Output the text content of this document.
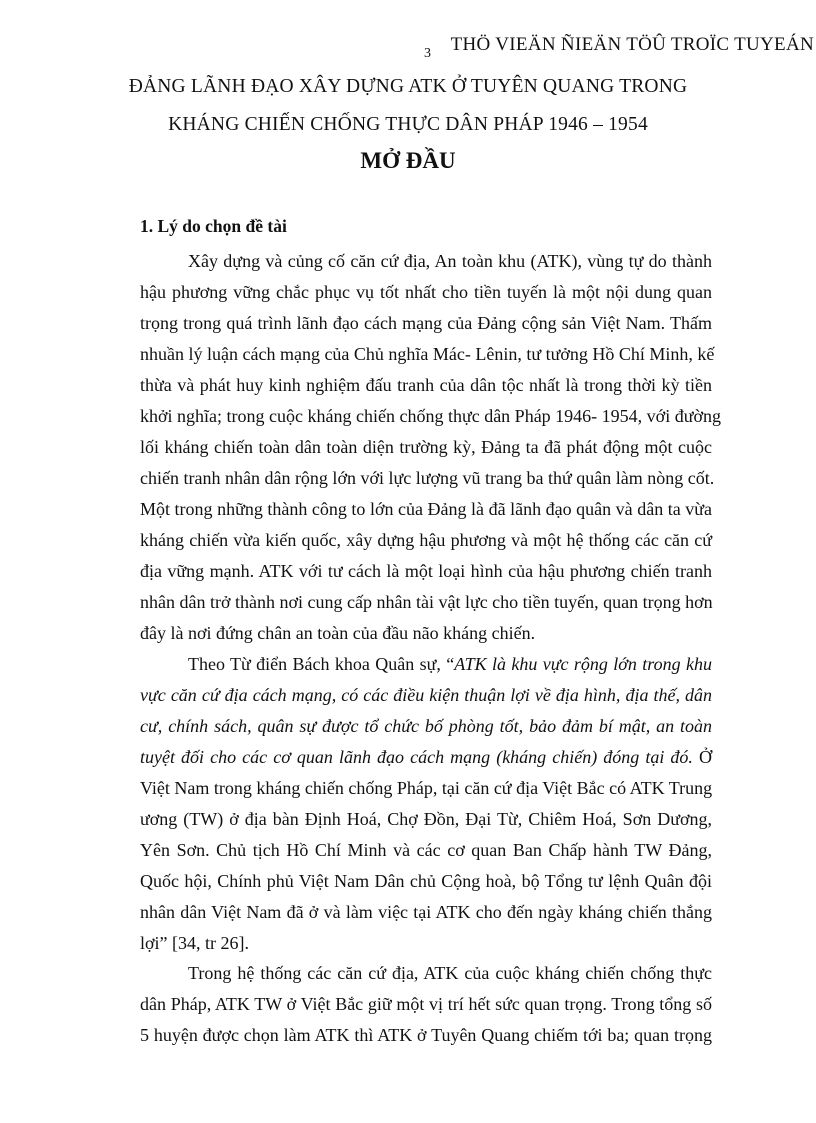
3 THÖ VIEÄN ÑIEÄN TÖÛ TROÏC TUYEÁN
ĐẢNG LÃNH ĐẠO XÂY DỰNG ATK Ở TUYÊN QUANG TRONG
KHÁNG CHIẾN CHỐNG THỰC DÂN PHÁP 1946 – 1954
MỞ ĐẦU
1. Lý do chọn đề tài
Xây dựng và củng cố căn cứ địa, An toàn khu (ATK), vùng tự do thành
hậu phương vững chắc phục vụ tốt nhất cho tiền tuyến là một nội dung quan
trọng trong quá trình lãnh đạo cách mạng của Đảng cộng sản Việt Nam. Thấm
nhuần lý luận cách mạng của Chủ nghĩa Mác- Lênin, tư tưởng Hồ Chí Minh, kế
thừa và phát huy kinh nghiệm đấu tranh của dân tộc nhất là trong thời kỳ tiền
khởi nghĩa; trong cuộc kháng chiến chống thực dân Pháp 1946- 1954, với đường
lối kháng chiến toàn dân toàn diện trường kỳ, Đảng ta đã phát động một cuộc
chiến tranh nhân dân rộng lớn với lực lượng vũ trang ba thứ quân làm nòng cốt.
Một trong những thành công to lớn của Đảng là đã lãnh đạo quân và dân ta vừa
kháng chiến vừa kiến quốc, xây dựng hậu phương và một hệ thống các căn cứ
địa vững mạnh. ATK với tư cách là một loại hình của hậu phương chiến tranh
nhân dân trở thành nơi cung cấp nhân tài vật lực cho tiền tuyến, quan trọng hơn
đây là nơi đứng chân an toàn của đầu não kháng chiến.
Theo Từ điển Bách khoa Quân sự, “ATK là khu vực rộng lớn trong khu
vực căn cứ địa cách mạng, có các điều kiện thuận lợi về địa hình, địa thế, dân
cư, chính sách, quân sự được tổ chức bố phòng tốt, bảo đảm bí mật, an toàn
tuyệt đối cho các cơ quan lãnh đạo cách mạng (kháng chiến) đóng tại đó. Ở
Việt Nam trong kháng chiến chống Pháp, tại căn cứ địa Việt Bắc có ATK Trung
ương (TW) ở địa bàn Định Hoá, Chợ Đồn, Đại Từ, Chiêm Hoá, Sơn Dương,
Yên Sơn. Chủ tịch Hồ Chí Minh và các cơ quan Ban Chấp hành TW Đảng,
Quốc hội, Chính phủ Việt Nam Dân chủ Cộng hoà, bộ Tổng tư lệnh Quân đội
nhân dân Việt Nam đã ở và làm việc tại ATK cho đến ngày kháng chiến thắng
lợi” [34, tr 26].
Trong hệ thống các căn cứ địa, ATK của cuộc kháng chiến chống thực
dân Pháp, ATK TW ở Việt Bắc giữ một vị trí hết sức quan trọng. Trong tổng số
5 huyện được chọn làm ATK thì ATK ở Tuyên Quang chiếm tới ba; quan trọng
